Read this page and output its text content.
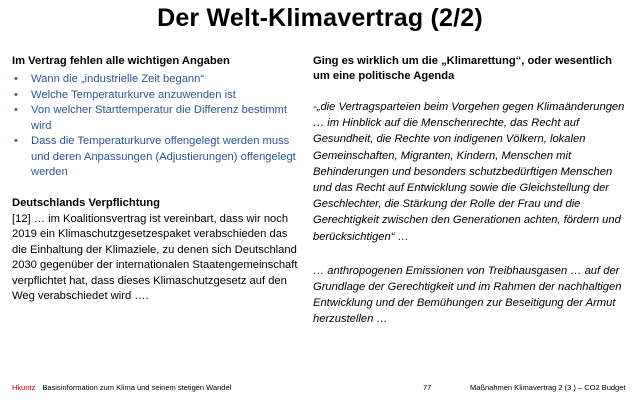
Der Welt-Klimavertrag (2/2)
Im Vertrag fehlen alle wichtigen Angaben
• Wann die „industrielle Zeit begann“
• Welche Temperaturkurve anzuwenden ist
• Von welcher Starttemperatur die Differenz bestimmt wird
• Dass die Temperaturkurve offengelegt werden muss und deren Anpassungen (Adjustierungen) offengelegt werden
Deutschlands Verpflichtung
[12] … im Koalitionsvertrag ist vereinbart, dass wir noch 2019 ein Klimaschutzgesetzespaket verabschieden das die Einhaltung der Klimaziele, zu denen sich Deutschland 2030 gegenüber der internationalen Staatengemeinschaft verpflichtet hat, dass dieses Klimaschutzgesetz auf den Weg verabschiedet wird ….
Ging es wirklich um die „Klimarettung“, oder wesentlich um eine politische Agenda
-„die Vertragsparteien beim Vorgehen gegen Klimaänderungen … im Hinblick auf die Menschenrechte, das Recht auf Gesundheit, die Rechte von indigenen Völkern, lokalen Gemeinschaften, Migranten, Kindern, Menschen mit Behinderungen und besonders schutzbedürftigen Menschen und das Recht auf Entwicklung sowie die Gleichstellung der Geschlechter, die Stärkung der Rolle der Frau und die Gerechtigkeit zwischen den Generationen achten, fördern und berücksichtigen“ …
… anthropogenen Emissionen von Treibhausgasen … auf der Grundlage der Gerechtigkeit und im Rahmen der nachhaltigen Entwicklung und der Bemühungen zur Beseitigung der Armut herzustellen …
Hkuntz Basisinformation zum Klima und seinem stetigen Wandel	77	Maßnahmen Klimavertrag 2 (3 ) – CO2 Budget
